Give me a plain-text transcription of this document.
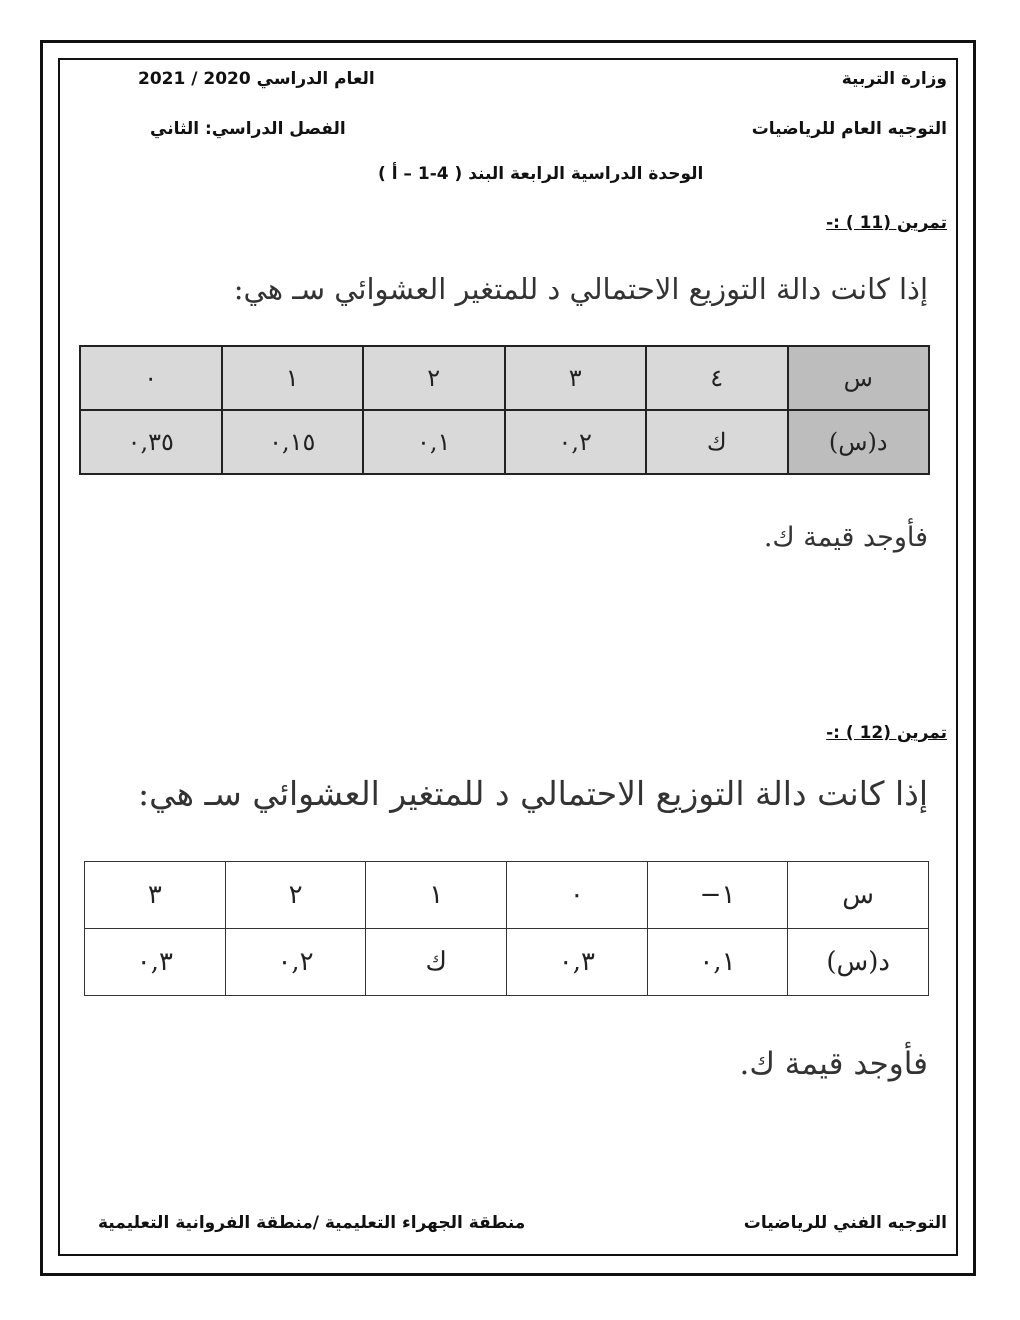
وزارة التربية
العام الدراسي 2020 / 2021
التوجيه العام للرياضيات
الفصل الدراسي: الثاني
الوحدة الدراسية الرابعة البند ( 4-1 – أ )
تمرين (11 ) :-
إذا كانت دالة التوزيع الاحتمالي د للمتغير العشوائي سـ هي:
س	٤	٣	٢	١	٠
د(س)	ك	٠,٢	٠,١	٠,١٥	٠,٣٥
فأوجد قيمة ك.
تمرين (12 ) :-
إذا كانت دالة التوزيع الاحتمالي د للمتغير العشوائي سـ هي:
س	١−	٠	١	٢	٣
د(س)	٠,١	٠,٣	ك	٠,٢	٠,٣
فأوجد قيمة ك.
التوجيه الفني للرياضيات
منطقة الجهراء التعليمية /منطقة الفروانية التعليمية
